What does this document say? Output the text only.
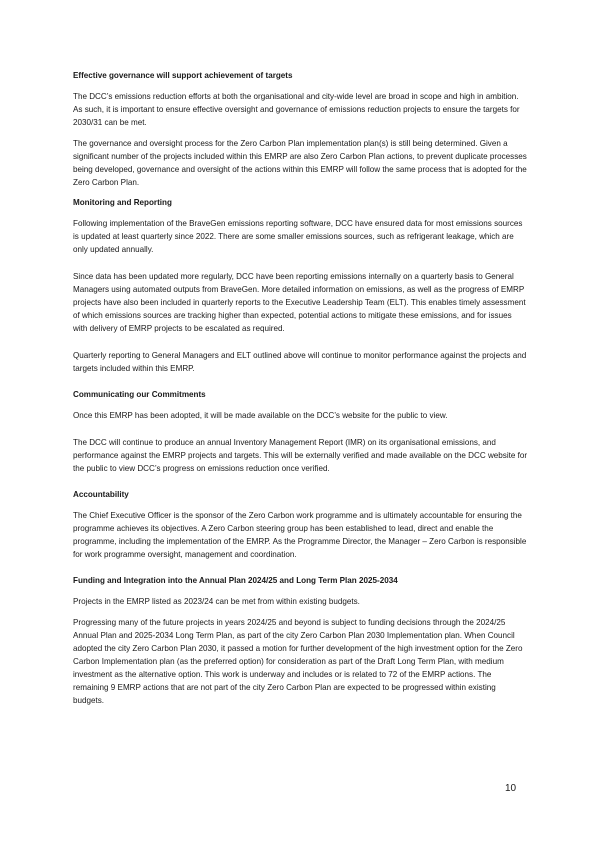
Effective governance will support achievement of targets
The DCC’s emissions reduction efforts at both the organisational and city-wide level are broad in scope and high in ambition. As such, it is important to ensure effective oversight and governance of emissions reduction projects to ensure the targets for 2030/31 can be met.
The governance and oversight process for the Zero Carbon Plan implementation plan(s) is still being determined. Given a significant number of the projects included within this EMRP are also Zero Carbon Plan actions, to prevent duplicate processes being developed, governance and oversight of the actions within this EMRP will follow the same process that is adopted for the Zero Carbon Plan.
Monitoring and Reporting
Following implementation of the BraveGen emissions reporting software, DCC have ensured data for most emissions sources is updated at least quarterly since 2022. There are some smaller emissions sources, such as refrigerant leakage, which are only updated annually.
Since data has been updated more regularly, DCC have been reporting emissions internally on a quarterly basis to General Managers using automated outputs from BraveGen. More detailed information on emissions, as well as the progress of EMRP projects have also been included in quarterly reports to the Executive Leadership Team (ELT). This enables timely assessment of which emissions sources are tracking higher than expected, potential actions to mitigate these emissions, and for issues with delivery of EMRP projects to be escalated as required.
Quarterly reporting to General Managers and ELT outlined above will continue to monitor performance against the projects and targets included within this EMRP.
Communicating our Commitments
Once this EMRP has been adopted, it will be made available on the DCC’s website for the public to view.
The DCC will continue to produce an annual Inventory Management Report (IMR) on its organisational emissions, and performance against the EMRP projects and targets. This will be externally verified and made available on the DCC website for the public to view DCC’s progress on emissions reduction once verified.
Accountability
The Chief Executive Officer is the sponsor of the Zero Carbon work programme and is ultimately accountable for ensuring the programme achieves its objectives. A Zero Carbon steering group has been established to lead, direct and enable the programme, including the implementation of the EMRP. As the Programme Director, the Manager – Zero Carbon is responsible for work programme oversight, management and coordination.
Funding and Integration into the Annual Plan 2024/25 and Long Term Plan 2025-2034
Projects in the EMRP listed as 2023/24 can be met from within existing budgets.
Progressing many of the future projects in years 2024/25 and beyond is subject to funding decisions through the 2024/25 Annual Plan and 2025-2034 Long Term Plan, as part of the city Zero Carbon Plan 2030 Implementation plan. When Council adopted the city Zero Carbon Plan 2030, it passed a motion for further development of the high investment option for the Zero Carbon Implementation plan (as the preferred option) for consideration as part of the Draft Long Term Plan, with medium investment as the alternative option. This work is underway and includes or is related to 72 of the EMRP actions. The remaining 9 EMRP actions that are not part of the city Zero Carbon Plan are expected to be progressed within existing budgets.
10
